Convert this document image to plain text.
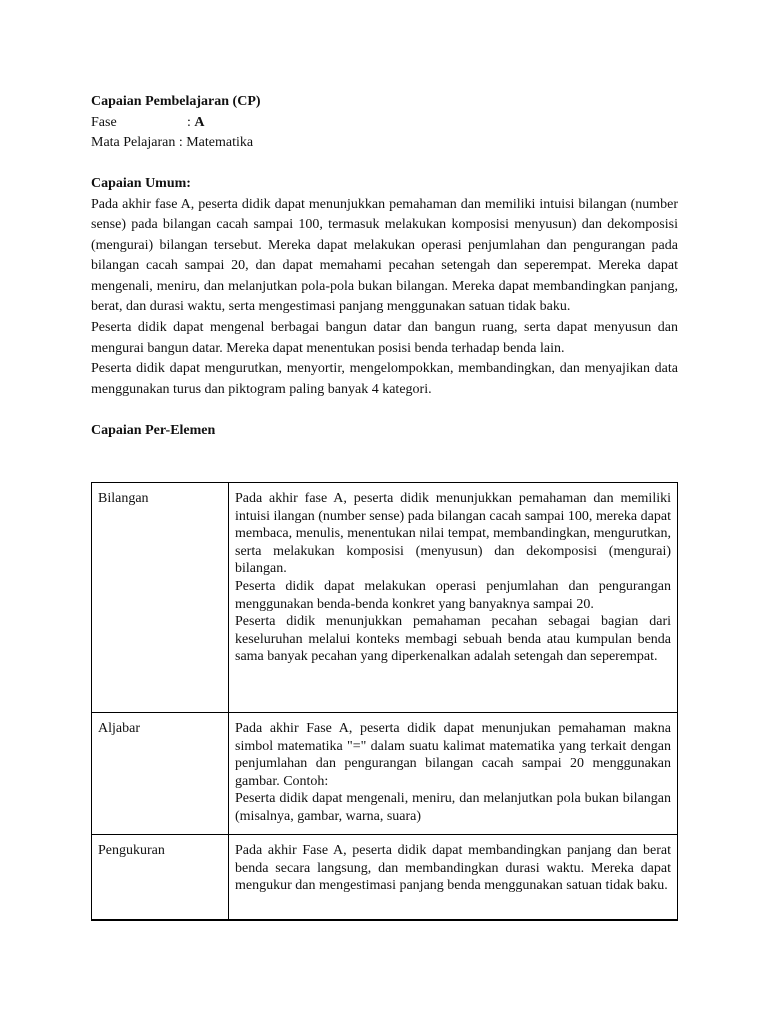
Capaian Pembelajaran (CP)

Fase	: A

Mata Pelajaran : Matematika

Capaian Umum:

Pada akhir fase A, peserta didik dapat menunjukkan pemahaman dan memiliki intuisi bilangan (number sense) pada bilangan cacah sampai 100, termasuk melakukan komposisi menyusun) dan dekomposisi (mengurai) bilangan tersebut. Mereka dapat melakukan operasi penjumlahan dan pengurangan pada bilangan cacah sampai 20, dan dapat memahami pecahan setengah dan seperempat. Mereka dapat mengenali, meniru, dan melanjutkan pola-pola bukan bilangan. Mereka dapat membandingkan panjang, berat, dan durasi waktu, serta mengestimasi panjang menggunakan satuan tidak baku.

Peserta didik dapat mengenal berbagai bangun datar dan bangun ruang, serta dapat menyusun dan mengurai bangun datar. Mereka dapat menentukan posisi benda terhadap benda lain.

Peserta didik dapat mengurutkan, menyortir, mengelompokkan, membandingkan, dan menyajikan data menggunakan turus dan piktogram paling banyak 4 kategori.

Capaian Per-Elemen

Bilangan	Pada akhir fase A, peserta didik menunjukkan pemahaman dan memiliki intuisi ilangan (number sense) pada bilangan cacah sampai 100, mereka dapat membaca, menulis, menentukan nilai tempat, membandingkan, mengurutkan, serta melakukan komposisi (menyusun) dan dekomposisi (mengurai) bilangan.

Peserta didik dapat melakukan operasi penjumlahan dan pengurangan menggunakan benda-benda konkret yang banyaknya sampai 20.

Peserta didik menunjukkan pemahaman pecahan sebagai bagian dari keseluruhan melalui konteks membagi sebuah benda atau kumpulan benda sama banyak pecahan yang diperkenalkan adalah setengah dan seperempat.

Aljabar	Pada akhir Fase A, peserta didik dapat menunjukan pemahaman makna simbol matematika "=" dalam suatu kalimat matematika yang terkait dengan penjumlahan dan pengurangan bilangan cacah sampai 20 menggunakan gambar. Contoh:

Peserta didik dapat mengenali, meniru, dan melanjutkan pola bukan bilangan (misalnya, gambar, warna, suara)

Pengukuran	Pada akhir Fase A, peserta didik dapat membandingkan panjang dan berat benda secara langsung, dan membandingkan durasi waktu. Mereka dapat mengukur dan mengestimasi panjang benda menggunakan satuan tidak baku.
